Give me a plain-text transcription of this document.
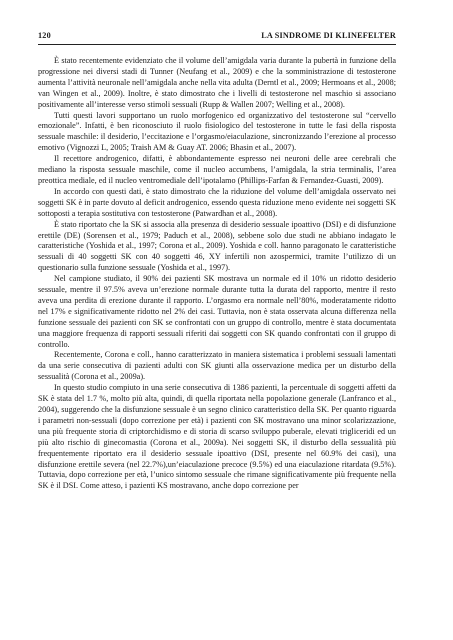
120	LA SINDROME DI KLINEFELTER

È stato recentemente evidenziato che il volume dell’amigdala varia durante la pubertà in funzione della progressione nei diversi stadi di Tunner (Neufang et al., 2009) e che la somministrazione di testosterone aumenta l’attività neuronale nell’amigdala anche nella vita adulta (Derntl et al., 2009; Hermoans et al., 2008; van Wingen et al., 2009). Inoltre, è stato dimostrato che i livelli di testosterone nel maschio si associano positivamente all’interesse verso stimoli sessuali (Rupp & Wallen 2007; Welling et al., 2008).

Tutti questi lavori supportano un ruolo morfogenico ed organizzativo del testosterone sul “cervello emozionale”. Infatti, è ben riconosciuto il ruolo fisiologico del testosterone in tutte le fasi della risposta sessuale maschile: il desiderio, l’eccitazione e l’orgasmo/eiaculazione, sincronizzando l’erezione al processo emotivo (Vignozzi L, 2005; Traish AM & Guay AT. 2006; Bhasin et al., 2007).

Il recettore androgenico, difatti, è abbondantemente espresso nei neuroni delle aree cerebrali che mediano la risposta sessuale maschile, come il nucleo accumbens, l’amigdala, la stria terminalis, l’area preottica mediale, ed il nucleo ventromediale dell’ipotalamo (Phillips-Farfan & Fernandez-Guasti, 2009).

In accordo con questi dati, è stato dimostrato che la riduzione del volume dell’amigdala osservato nei soggetti SK è in parte dovuto al deficit androgenico, essendo questa riduzione meno evidente nei soggetti SK sottoposti a terapia sostitutiva con testosterone (Patwardhan et al., 2008).

È stato riportato che la SK si associa alla presenza di desiderio sessuale ipoattivo (DSI) e di disfunzione erettile (DE) (Sorensen et al., 1979; Paduch et al., 2008), sebbene solo due studi ne abbiano indagato le caratteristiche (Yoshida et al., 1997; Corona et al., 2009). Yoshida e coll. hanno paragonato le caratteristiche sessuali di 40 soggetti SK con 40 soggetti 46, XY infertili non azospermici, tramite l’utilizzo di un questionario sulla funzione sessuale (Yoshida et al., 1997).

Nel campione studiato, il 90% dei pazienti SK mostrava un normale ed il 10% un ridotto desiderio sessuale, mentre il 97.5% aveva un’erezione normale durante tutta la durata del rapporto, mentre il resto aveva una perdita di erezione durante il rapporto. L’orgasmo era normale nell’80%, moderatamente ridotto nel 17% e significativamente ridotto nel 2% dei casi. Tuttavia, non è stata osservata alcuna differenza nella funzione sessuale dei pazienti con SK se confrontati con un gruppo di controllo, mentre è stata documentata una maggiore frequenza di rapporti sessuali riferiti dai soggetti con SK quando confrontati con il gruppo di controllo.

Recentemente, Corona e coll., hanno caratterizzato in maniera sistematica i problemi sessuali lamentati da una serie consecutiva di pazienti adulti con SK giunti alla osservazione medica per un disturbo della sessualità (Corona et al., 2009a).

In questo studio compiuto in una serie consecutiva di 1386 pazienti, la percentuale di soggetti affetti da SK è stata del 1.7 %, molto più alta, quindi, di quella riportata nella popolazione generale (Lanfranco et al., 2004), suggerendo che la disfunzione sessuale è un segno clinico caratteristico della SK. Per quanto riguarda i parametri non-sessuali (dopo correzione per età) i pazienti con SK mostravano una minor scolarizzazione, una più frequente storia di criptorchidismo e di storia di scarso sviluppo puberale, elevati trigliceridi ed un più alto rischio di ginecomastia (Corona et al., 2009a). Nei soggetti SK, il disturbo della sessualità più frequentemente riportato era il desiderio sessuale ipoattivo (DSI, presente nel 60.9% dei casi), una disfunzione erettile severa (nel 22.7%),un’eiaculazione precoce (9.5%) ed una eiaculazione ritardata (9.5%). Tuttavia, dopo correzione per età, l’unico sintomo sessuale che rimane significativamente più frequente nella SK è il DSI. Come atteso, i pazienti KS mostravano, anche dopo correzione per
